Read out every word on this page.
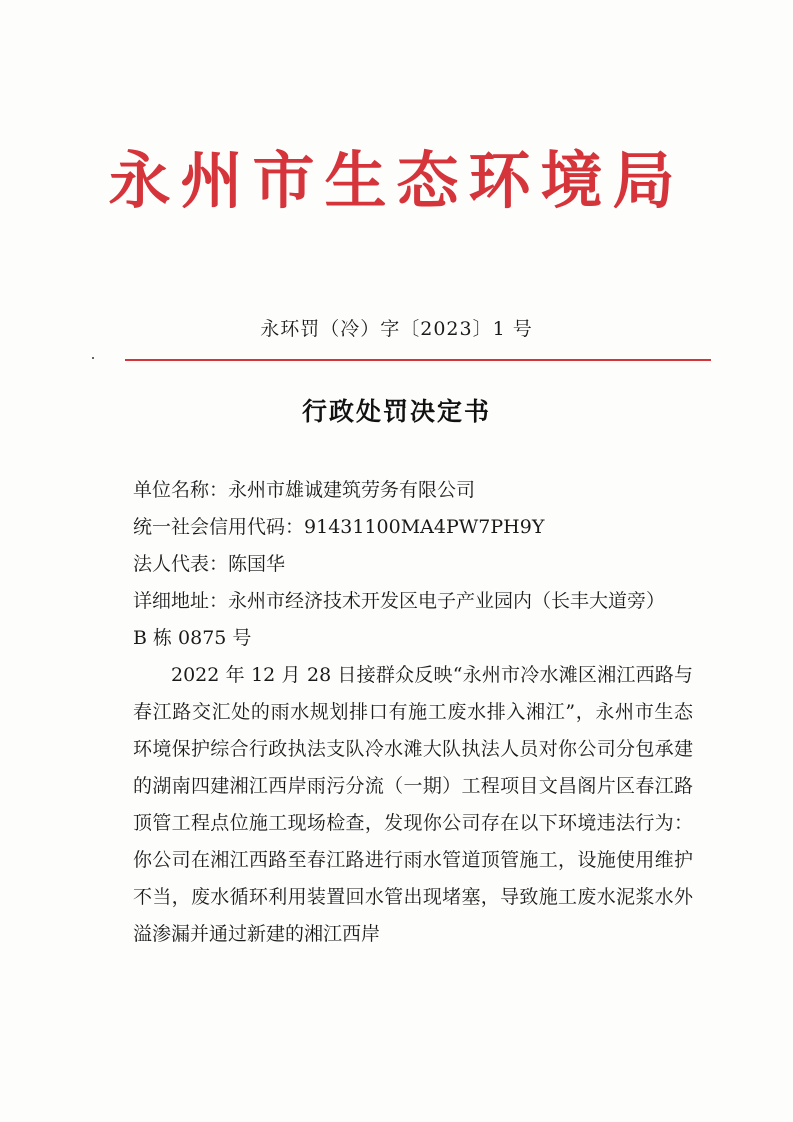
永州市生态环境局
永环罚（冷）字〔2023〕1 号
行政处罚决定书
单位名称：永州市雄诚建筑劳务有限公司
统一社会信用代码：91431100MA4PW7PH9Y
法人代表：陈国华
详细地址：永州市经济技术开发区电子产业园内（长丰大道旁）
B 栋 0875 号

2022 年 12 月 28 日接群众反映“永州市冷水滩区湘江西路与春江路交汇处的雨水规划排口有施工废水排入湘江”，永州市生态环境保护综合行政执法支队冷水滩大队执法人员对你公司分包承建的湖南四建湘江西岸雨污分流（一期）工程项目文昌阁片区春江路顶管工程点位施工现场检查，发现你公司存在以下环境违法行为：你公司在湘江西路至春江路进行雨水管道顶管施工，设施使用维护不当，废水循环利用装置回水管出现堵塞，导致施工废水泥浆水外溢渗漏并通过新建的湘江西岸
